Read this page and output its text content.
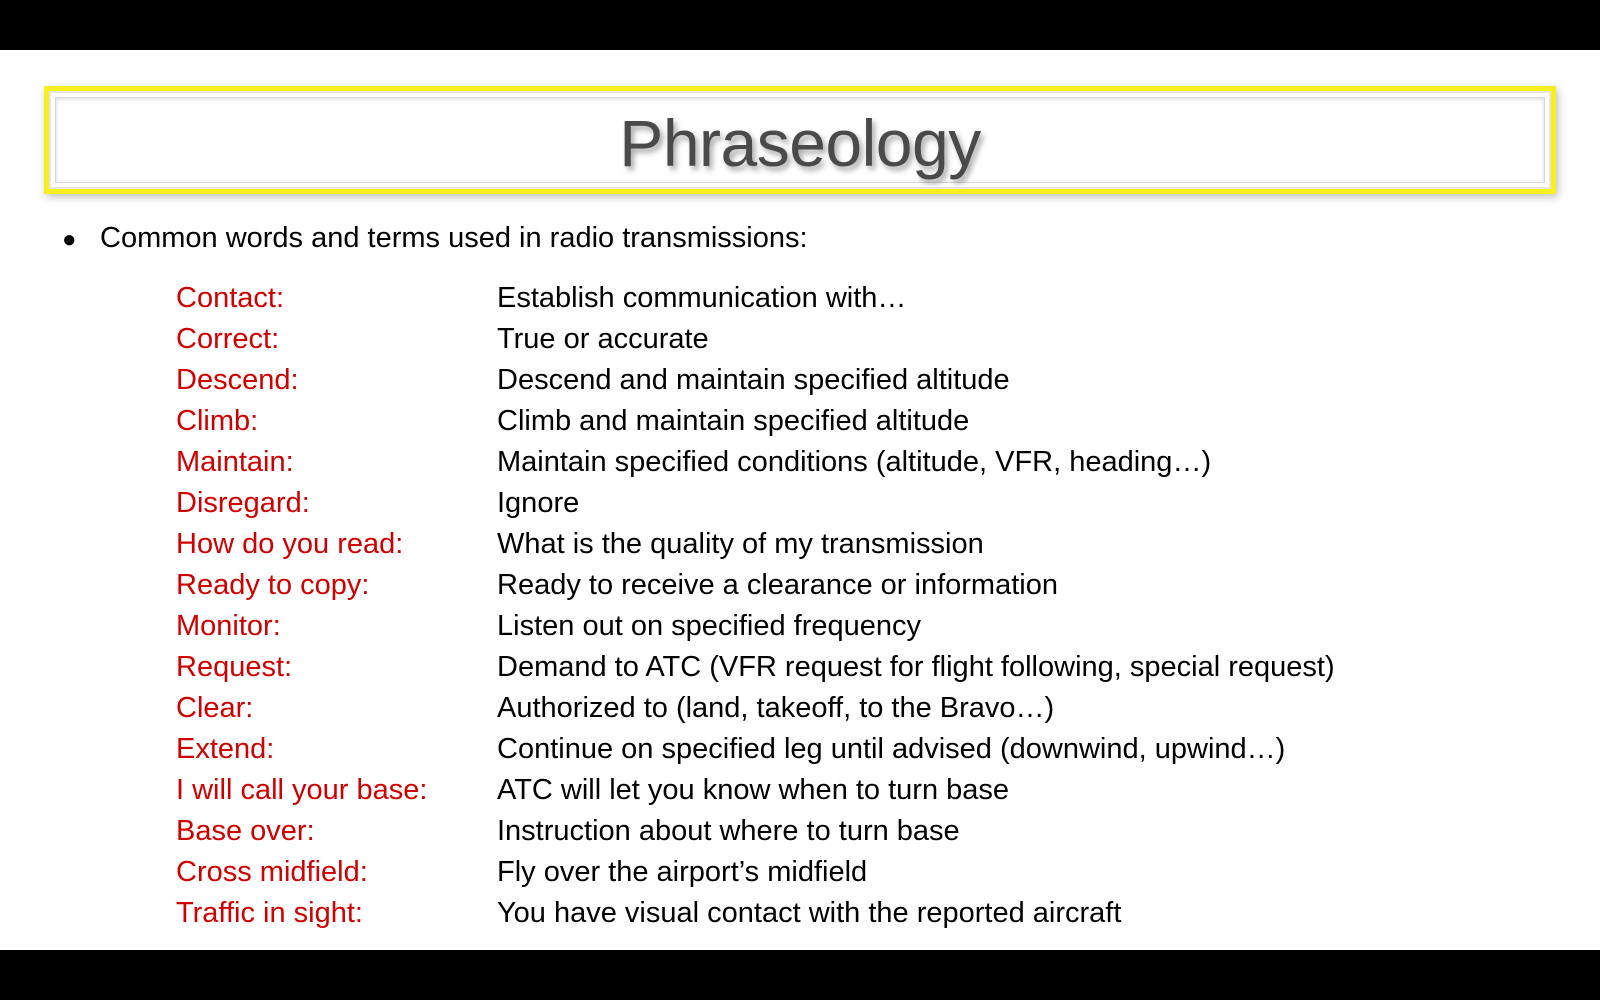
Phraseology
● Common words and terms used in radio transmissions:
Contact:	Establish communication with…
Correct:	True or accurate
Descend:	Descend and maintain specified altitude
Climb:	Climb and maintain specified altitude
Maintain:	Maintain specified conditions (altitude, VFR, heading…)
Disregard:	Ignore
How do you read:	What is the quality of my transmission
Ready to copy:	Ready to receive a clearance or information
Monitor:	Listen out on specified frequency
Request:	Demand to ATC (VFR request for flight following, special request)
Clear:	Authorized to (land, takeoff, to the Bravo…)
Extend:	Continue on specified leg until advised (downwind, upwind…)
I will call your base:	ATC will let you know when to turn base
Base over:	Instruction about where to turn base
Cross midfield:	Fly over the airport’s midfield
Traffic in sight:	You have visual contact with the reported aircraft
